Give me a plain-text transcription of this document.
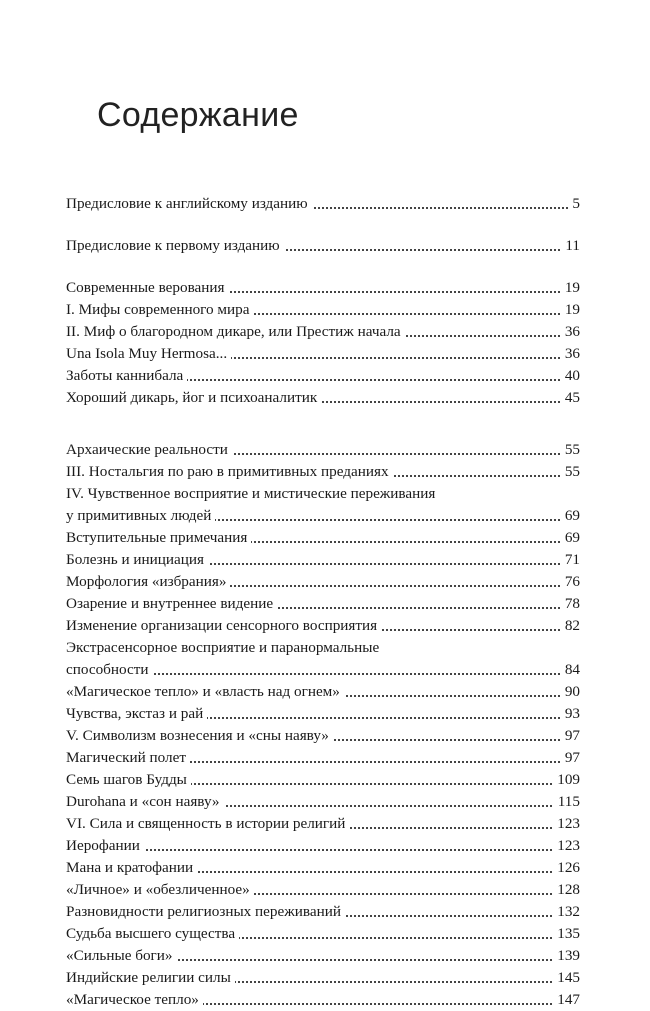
Содержание
Предисловие к английскому изданию	5
Предисловие к первому изданию	11
Современные верования	19
I. Мифы современного мира	19
II. Миф о благородном дикаре, или Престиж начала	36
Una Isola Muy Hermosa...	36
Заботы каннибала	40
Хороший дикарь, йог и психоаналитик	45
Архаические реальности	55
III. Ностальгия по раю в примитивных преданиях	55
IV. Чувственное восприятие и мистические переживания
у примитивных людей	69
Вступительные примечания	69
Болезнь и инициация	71
Морфология «избрания»	76
Озарение и внутреннее видение	78
Изменение организации сенсорного восприятия	82
Экстрасенсорное восприятие и паранормальные
способности	84
«Магическое тепло» и «власть над огнем»	90
Чувства, экстаз и рай	93
V. Символизм вознесения и «сны наяву»	97
Магический полет	97
Семь шагов Будды	109
Durohana и «сон наяву»	115
VI. Сила и священность в истории религий	123
Иерофании	123
Мана и кратофании	126
«Личное» и «обезличенное»	128
Разновидности религиозных переживаний	132
Судьба высшего существа	135
«Сильные боги»	139
Индийские религии силы	145
«Магическое тепло»	147
